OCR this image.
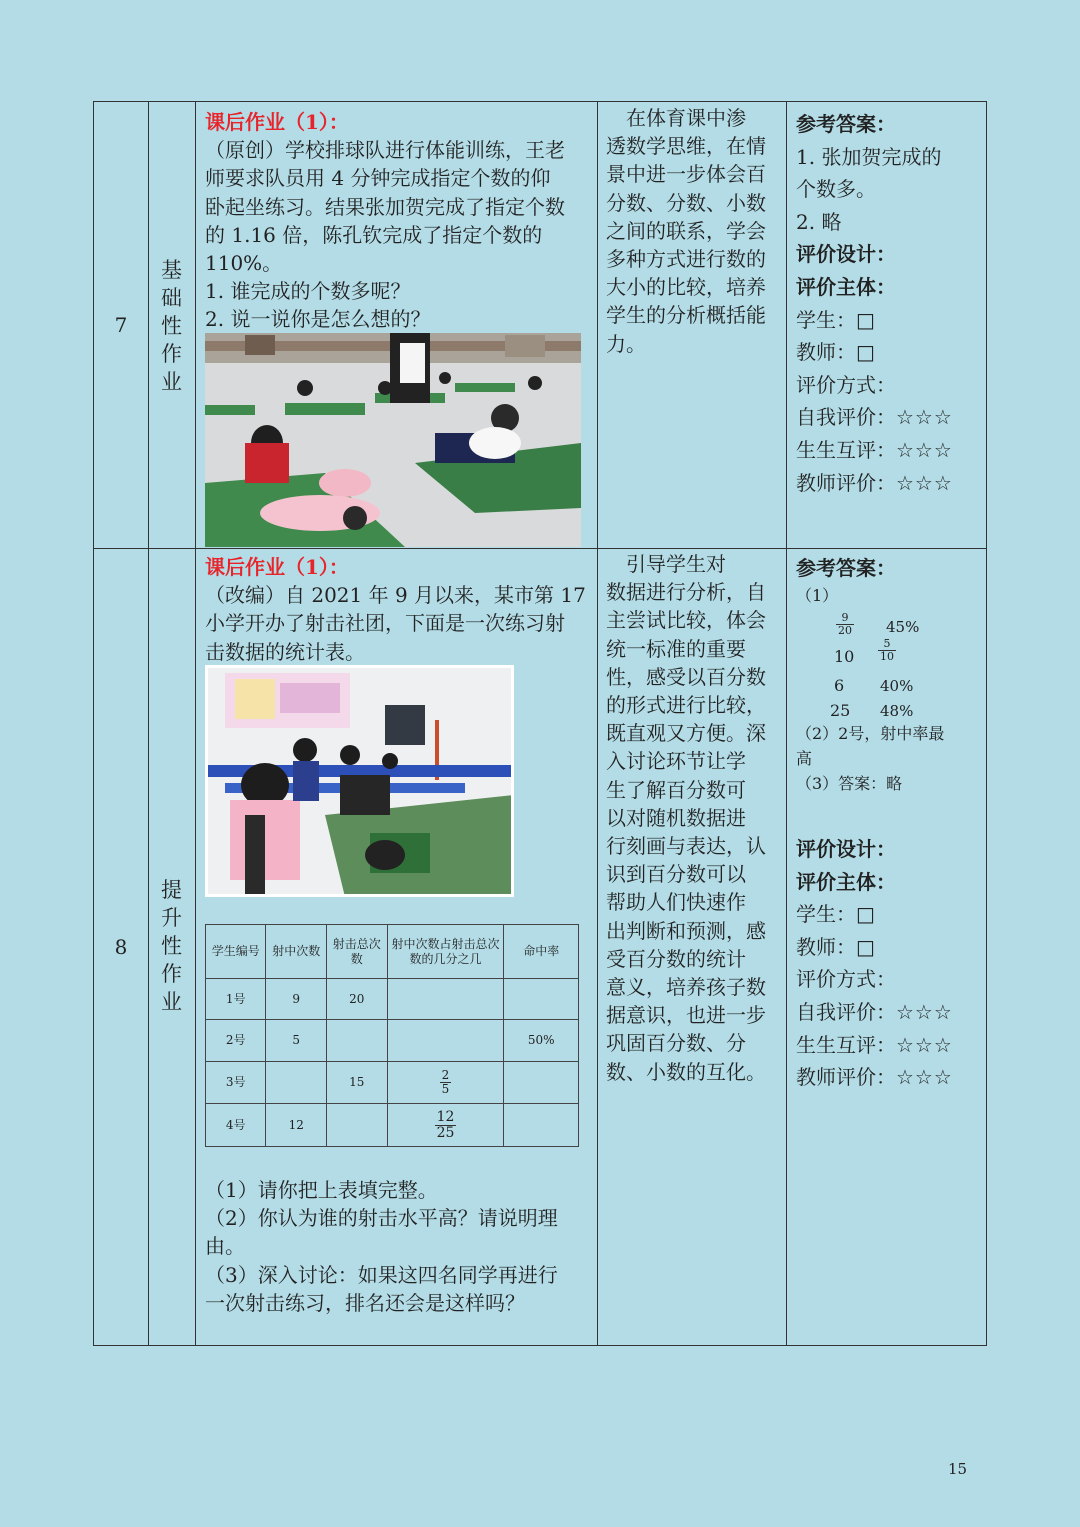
7
基础性作业
课后作业（1）：
（原创）学校排球队进行体能训练，王老
师要求队员用 4 分钟完成指定个数的仰
卧起坐练习。结果张加贺完成了指定个数
的 1.16 倍，陈孔钦完成了指定个数的
110%。
1. 谁完成的个数多呢？
2. 说一说你是怎么想的？
　在体育课中渗
透数学思维，在情
景中进一步体会百
分数、分数、小数
之间的联系，学会
多种方式进行数的
大小的比较，培养
学生的分析概括能
力。
参考答案：
1. 张加贺完成的
个数多。
2. 略
评价设计：
评价主体：
学生：□
教师：□
评价方式：
自我评价：☆☆☆
生生互评：☆☆☆
教师评价：☆☆☆
8
提升性作业
课后作业（1）：
（改编）自 2021 年 9 月以来，某市第 17
小学开办了射击社团，下面是一次练习射
击数据的统计表。
学生编号	射中次数	射击总次数	射中次数占射击总次数的几分之几	命中率
1号	9	20		
2号	5			50%
3号		15	$\frac{2}{5}$

4号	12		$\frac{12}{25}$

（1）请你把上表填完整。
（2）你认为谁的射击水平高？请说明理
由。
（3）深入讨论：如果这四名同学再进行
一次射击练习，排名还会是这样吗？
　引导学生对
数据进行分析，自
主尝试比较，体会
统一标准的重要
性，感受以百分数
的形式进行比较，
既直观又方便。深
入讨论环节让学
生了解百分数可
以对随机数据进
行刻画与表达，认
识到百分数可以
帮助人们快速作
出判断和预测，感
受百分数的统计
意义，培养孩子数
据意识，也进一步
巩固百分数、分
数、小数的互化。
参考答案：
（1）
$\frac{9}{20} 45\%$
$10 \frac{5}{10}$
6 40%
25 48%
（2）2号，射中率最
高
（3）答案：略
评价设计：
评价主体：
学生：□
教师：□
评价方式：
自我评价：☆☆☆
生生互评：☆☆☆
教师评价：☆☆☆
15
